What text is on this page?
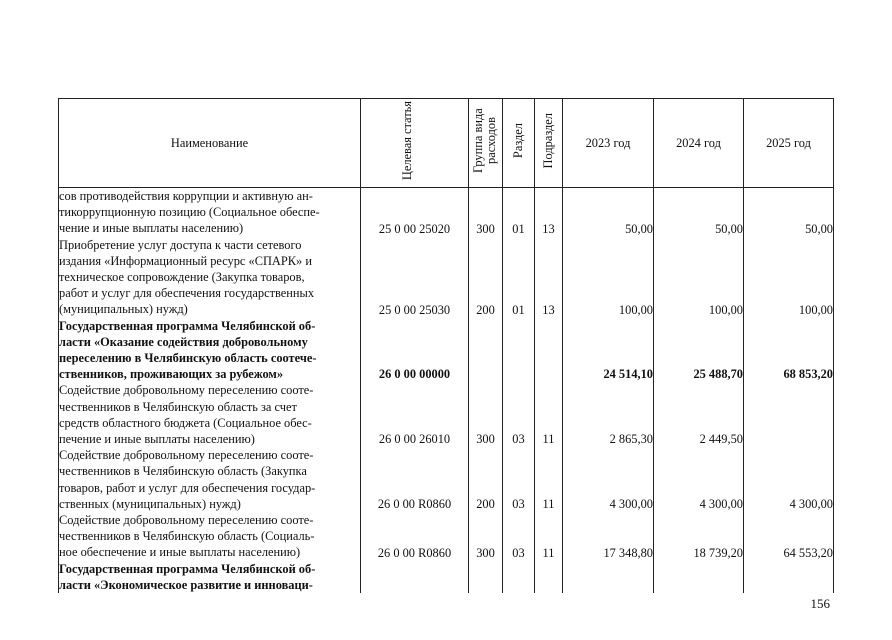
Наименование	Целевая статья	Группа вида расходов	Раздел	Подраздел	2023 год	2024 год	2025 год

сов противодействия коррупции и активную ан-
тикоррупционную позицию (Социальное обеспе-
чение и иные выплаты населению)	25 0 00 25020	300	01	13	50,00	50,00	50,00

Приобретение услуг доступа к части сетевого
издания «Информационный ресурс «СПАРК» и
техническое сопровождение (Закупка товаров,
работ и услуг для обеспечения государственных
(муниципальных) нужд)	25 0 00 25030	200	01	13	100,00	100,00	100,00

Государственная программа Челябинской об-
ласти «Оказание содействия добровольному
переселению в Челябинскую область соотече-
ственников, проживающих за рубежом»	26 0 00 00000				24 514,10	25 488,70	68 853,20

Содействие добровольному переселению сооте-
чественников в Челябинскую область за счет
средств областного бюджета (Социальное обес-
печение и иные выплаты населению)	26 0 00 26010	300	03	11	2 865,30	2 449,50	

Содействие добровольному переселению сооте-
чественников в Челябинскую область (Закупка
товаров, работ и услуг для обеспечения государ-
ственных (муниципальных) нужд)	26 0 00 R0860	200	03	11	4 300,00	4 300,00	4 300,00

Содействие добровольному переселению сооте-
чественников в Челябинскую область (Социаль-
ное обеспечение и иные выплаты населению)	26 0 00 R0860	300	03	11	17 348,80	18 739,20	64 553,20

Государственная программа Челябинской об-
ласти «Экономическое развитие и инноваци-							

156
